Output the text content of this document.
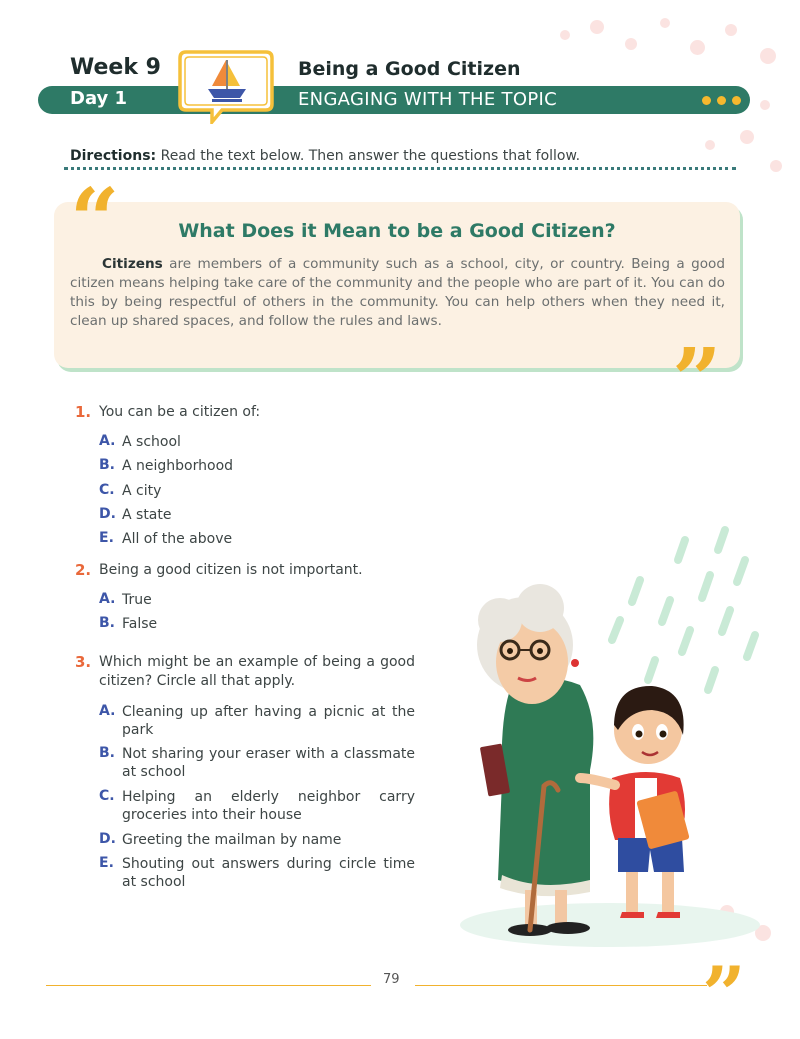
Week 9
Day 1
Being a Good Citizen
ENGAGING WITH THE TOPIC
Directions: Read the text below. Then answer the questions that follow.
“	What Does it Mean to be a Good Citizen?
Citizens are members of a community such as a school, city, or country. Being a good citizen means helping take care of the community and the people who are part of it. You can do this by being respectful of others in the community. You can help others when they need it, clean up shared spaces, and follow the rules and laws.
”
1. You can be a citizen of:
A. A school
B. A neighborhood
C. A city
D. A state
E. All of the above
2. Being a good citizen is not important.
A. True
B. False
3. Which might be an example of being a good citizen? Circle all that apply.
A. Cleaning up after having a picnic at the park
B. Not sharing your eraser with a classmate at school
C. Helping an elderly neighbor carry groceries into their house
D. Greeting the mailman by name
E. Shouting out answers during circle time at school
79	”
